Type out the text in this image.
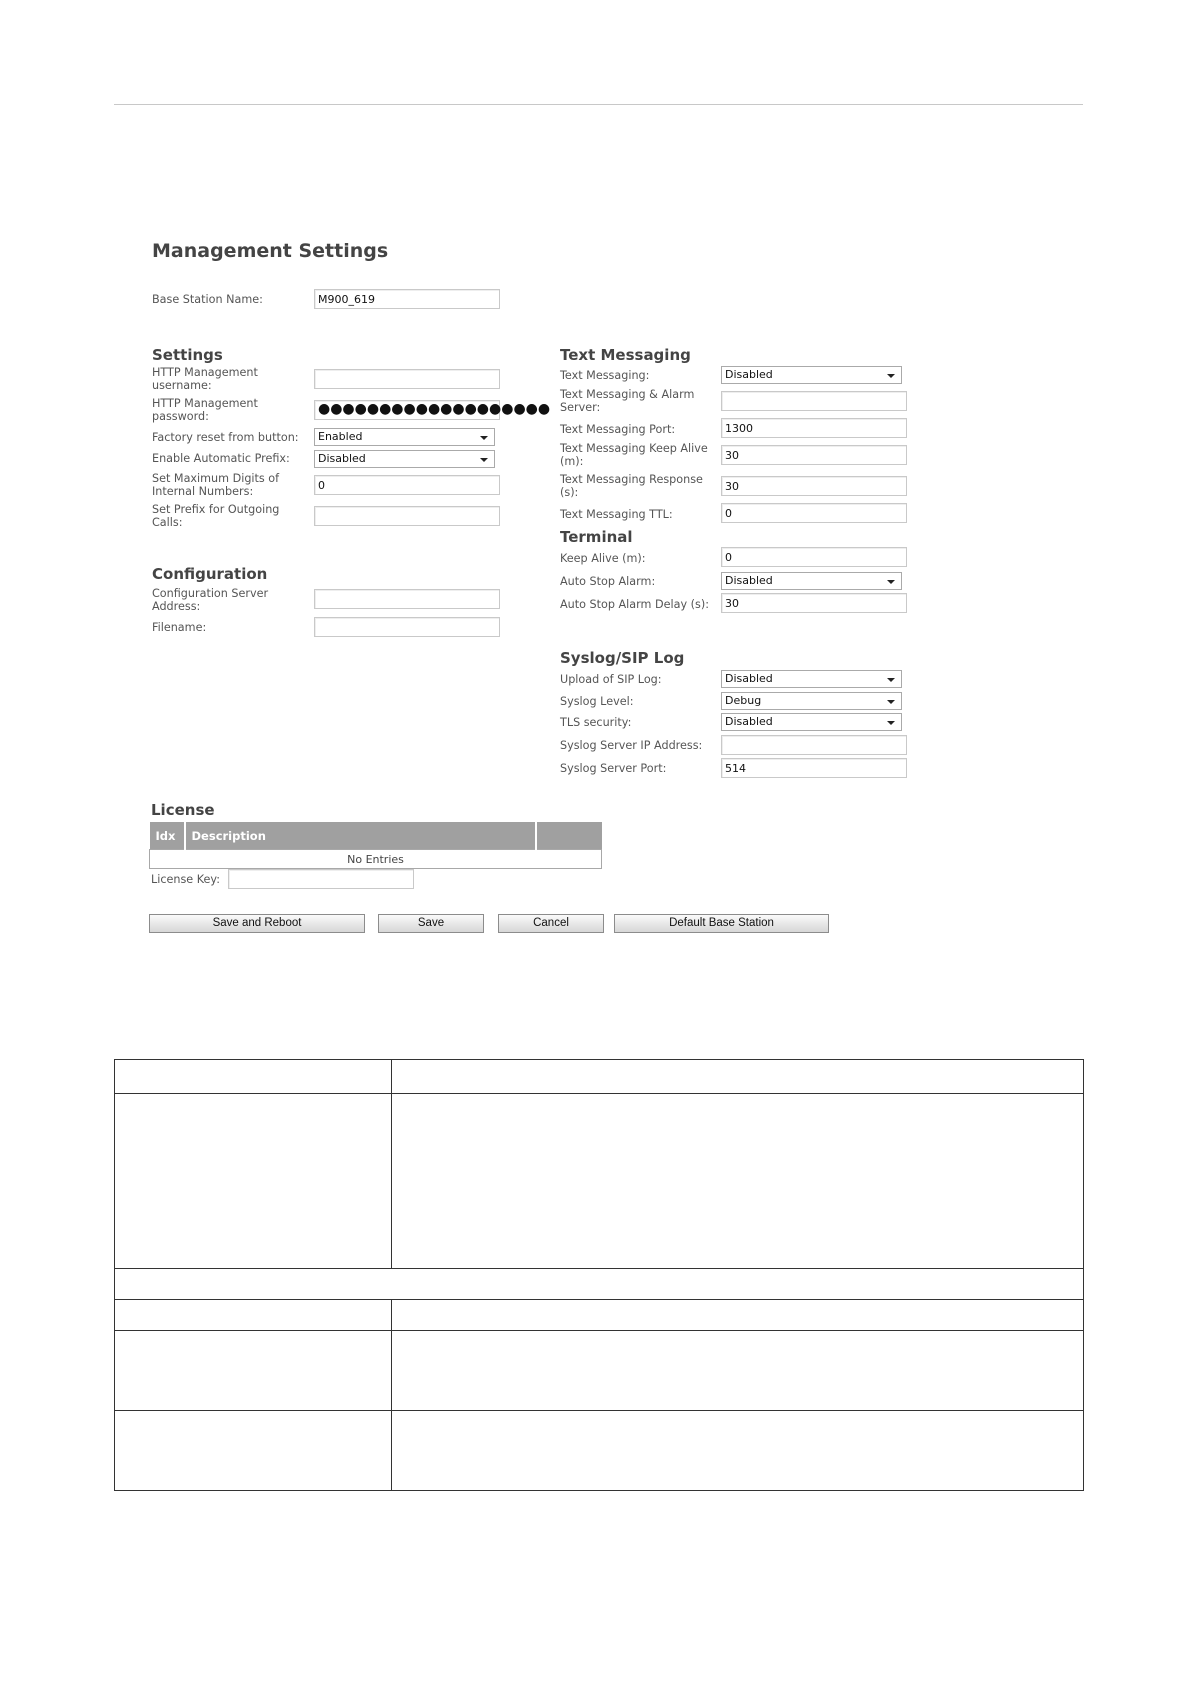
Management Settings
Base Station Name:
M900_619
Settings
HTTP Management username:
HTTP Management password:	●●●●●●●●●●●●●●●●●●●
Factory reset from button:	Enabled
Enable Automatic Prefix:	Disabled
Set Maximum Digits of Internal Numbers:
0
Set Prefix for Outgoing Calls:
Configuration
Configuration Server Address:
Filename:
Text Messaging
Text Messaging:	Disabled
Text Messaging & Alarm Server:
Text Messaging Port:
1300
Text Messaging Keep Alive (m):
30
Text Messaging Response (s):
30
Text Messaging TTL:
0
Terminal
Keep Alive (m):
0
Auto Stop Alarm:	Disabled
Auto Stop Alarm Delay (s):
30
Syslog/SIP Log
Upload of SIP Log:	Disabled
Syslog Level:	Debug
TLS security:	Disabled
Syslog Server IP Address:
Syslog Server Port:
514
License
Idx	Description	
No Entries
License Key:
Save and Reboot	Save	Cancel	Default Base Station
